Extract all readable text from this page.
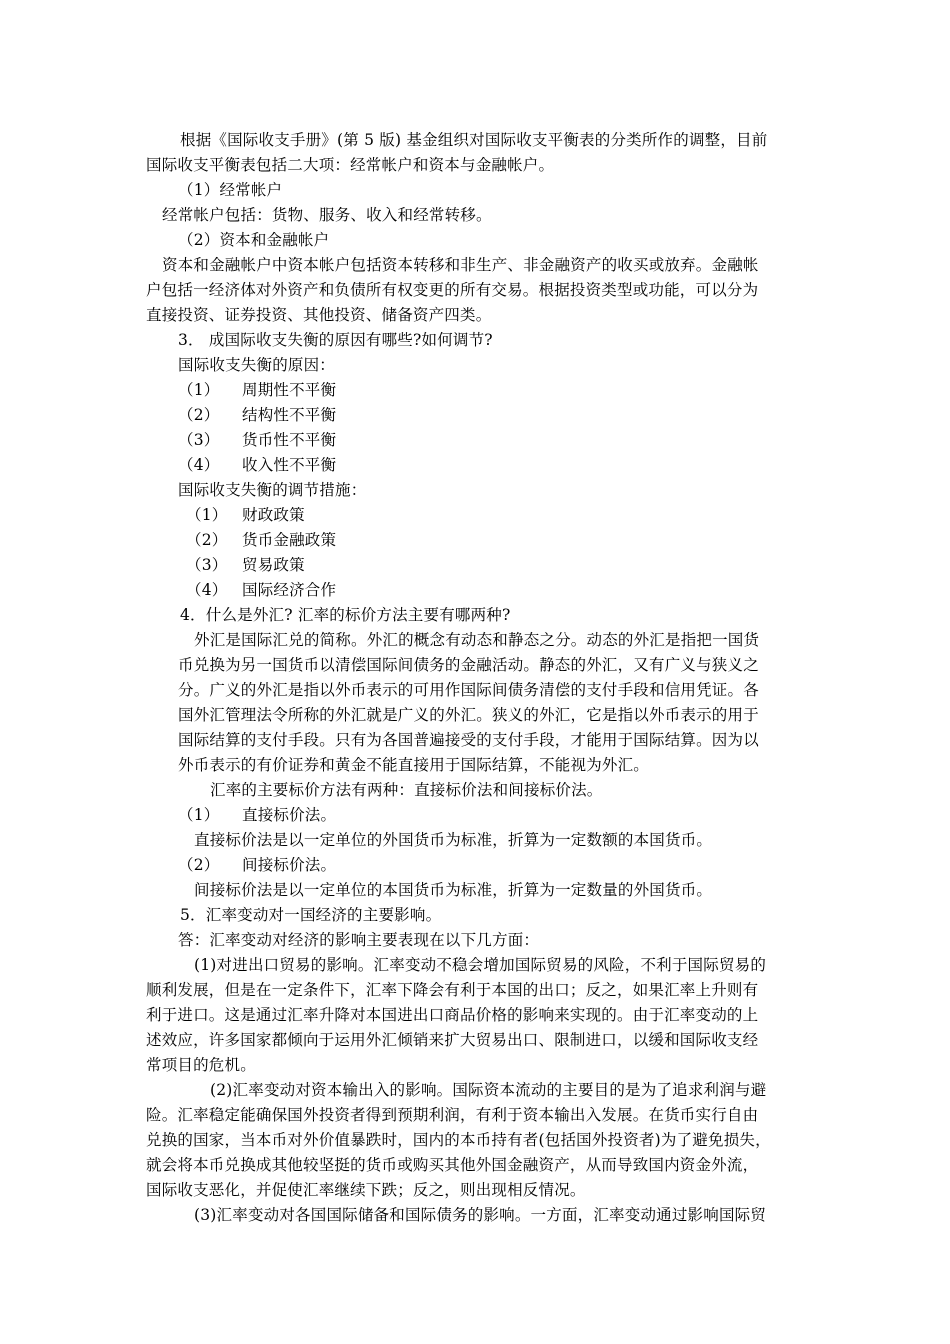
根据《国际收支手册》(第 5 版) 基金组织对国际收支平衡表的分类所作的调整，目前
国际收支平衡表包括二大项：经常帐户和资本与金融帐户。
（1）经常帐户
经常帐户包括：货物、服务、收入和经常转移。
（2）资本和金融帐户
资本和金融帐户中资本帐户包括资本转移和非生产、非金融资产的收买或放弃。金融帐
户包括一经济体对外资产和负债所有权变更的所有交易。根据投资类型或功能，可以分为
直接投资、证券投资、其他投资、储备资产四类。
3． 成国际收支失衡的原因有哪些?如何调节?
国际收支失衡的原因：
（1） 周期性不平衡
（2） 结构性不平衡
（3） 货币性不平衡
（4） 收入性不平衡
国际收支失衡的调节措施：
（1） 财政政策
（2） 货币金融政策
（3） 贸易政策
（4） 国际经济合作
4．什么是外汇? 汇率的标价方法主要有哪两种?
外汇是国际汇兑的简称。外汇的概念有动态和静态之分。动态的外汇是指把一国货
币兑换为另一国货币以清偿国际间债务的金融活动。静态的外汇，又有广义与狭义之
分。广义的外汇是指以外币表示的可用作国际间债务清偿的支付手段和信用凭证。各
国外汇管理法令所称的外汇就是广义的外汇。狭义的外汇，它是指以外币表示的用于
国际结算的支付手段。只有为各国普遍接受的支付手段，才能用于国际结算。因为以
外币表示的有价证券和黄金不能直接用于国际结算，不能视为外汇。
汇率的主要标价方法有两种：直接标价法和间接标价法。
（1） 直接标价法。
直接标价法是以一定单位的外国货币为标准，折算为一定数额的本国货币。
（2） 间接标价法。
间接标价法是以一定单位的本国货币为标准，折算为一定数量的外国货币。
5．汇率变动对一国经济的主要影响。
答：汇率变动对经济的影响主要表现在以下几方面：
(1)对进出口贸易的影响。汇率变动不稳会增加国际贸易的风险，不利于国际贸易的
顺利发展，但是在一定条件下，汇率下降会有利于本国的出口；反之，如果汇率上升则有
利于进口。这是通过汇率升降对本国进出口商品价格的影响来实现的。由于汇率变动的上
述效应，许多国家都倾向于运用外汇倾销来扩大贸易出口、限制进口，以缓和国际收支经
常项目的危机。
(2)汇率变动对资本输出入的影响。国际资本流动的主要目的是为了追求利润与避
险。汇率稳定能确保国外投资者得到预期利润，有利于资本输出入发展。在货币实行自由
兑换的国家，当本币对外价值暴跌时，国内的本币持有者(包括国外投资者)为了避免损失，
就会将本币兑换成其他较坚挺的货币或购买其他外国金融资产，从而导致国内资金外流，
国际收支恶化，并促使汇率继续下跌；反之，则出现相反情况。
(3)汇率变动对各国国际储备和国际债务的影响。一方面，汇率变动通过影响国际贸
